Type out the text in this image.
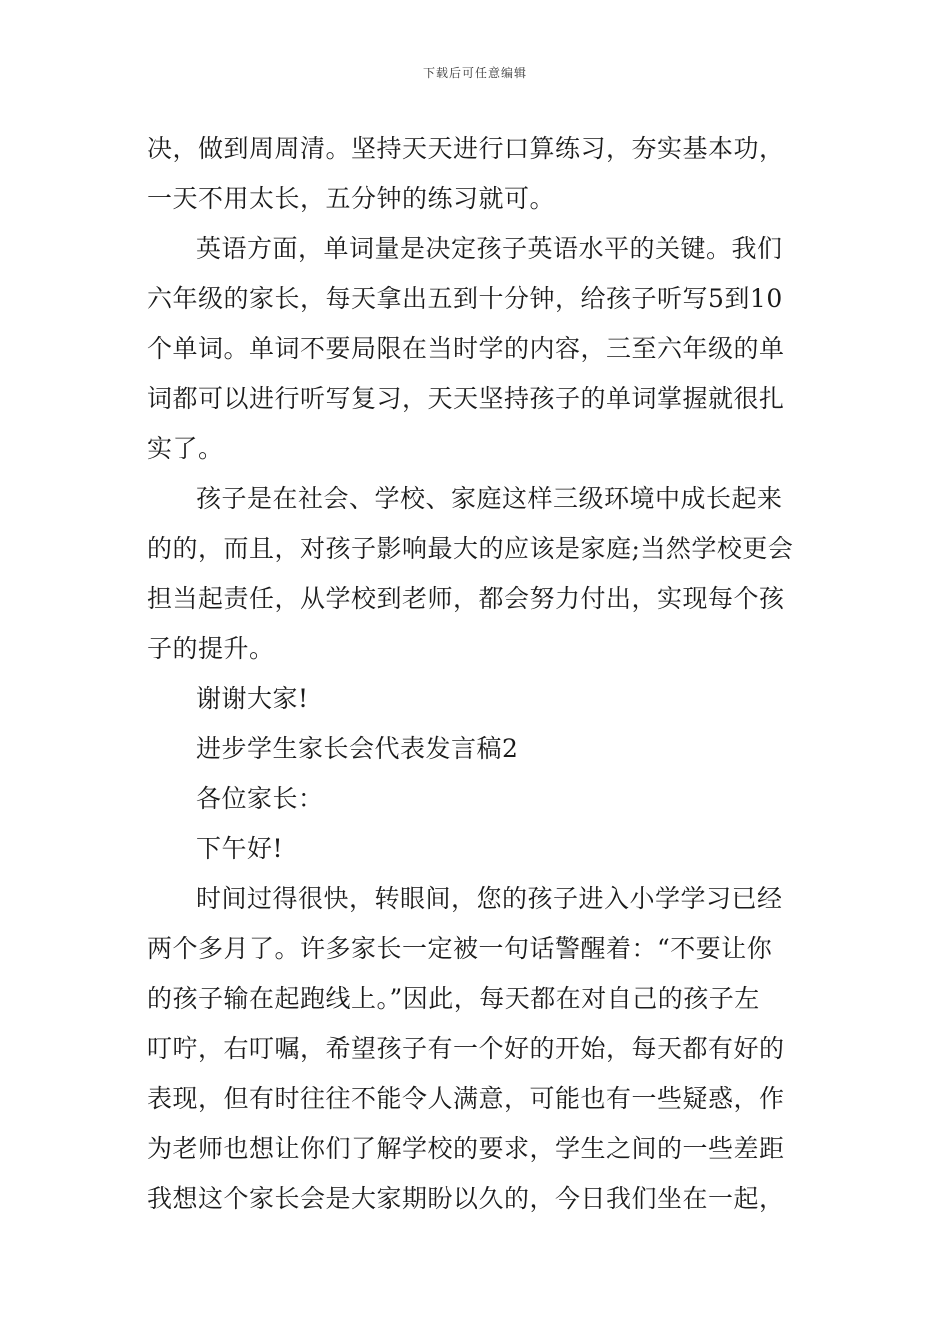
下载后可任意编辑
决，做到周周清。坚持天天进行口算练习，夯实基本功，
一天不用太长，五分钟的练习就可。
英语方面，单词量是决定孩子英语水平的关键。我们
六年级的家长，每天拿出五到十分钟，给孩子听写5到10
个单词。单词不要局限在当时学的内容，三至六年级的单
词都可以进行听写复习，天天坚持孩子的单词掌握就很扎
实了。
孩子是在社会、学校、家庭这样三级环境中成长起来
的的，而且，对孩子影响最大的应该是家庭;当然学校更会
担当起责任，从学校到老师，都会努力付出，实现每个孩
子的提升。
谢谢大家!
进步学生家长会代表发言稿2
各位家长：
下午好!
时间过得很快，转眼间，您的孩子进入小学学习已经
两个多月了。许多家长一定被一句话警醒着：“不要让你
的孩子输在起跑线上。”因此，每天都在对自己的孩子左
叮咛，右叮嘱，希望孩子有一个好的开始，每天都有好的
表现，但有时往往不能令人满意，可能也有一些疑惑，作
为老师也想让你们了解学校的要求，学生之间的一些差距
我想这个家长会是大家期盼以久的，今日我们坐在一起，
